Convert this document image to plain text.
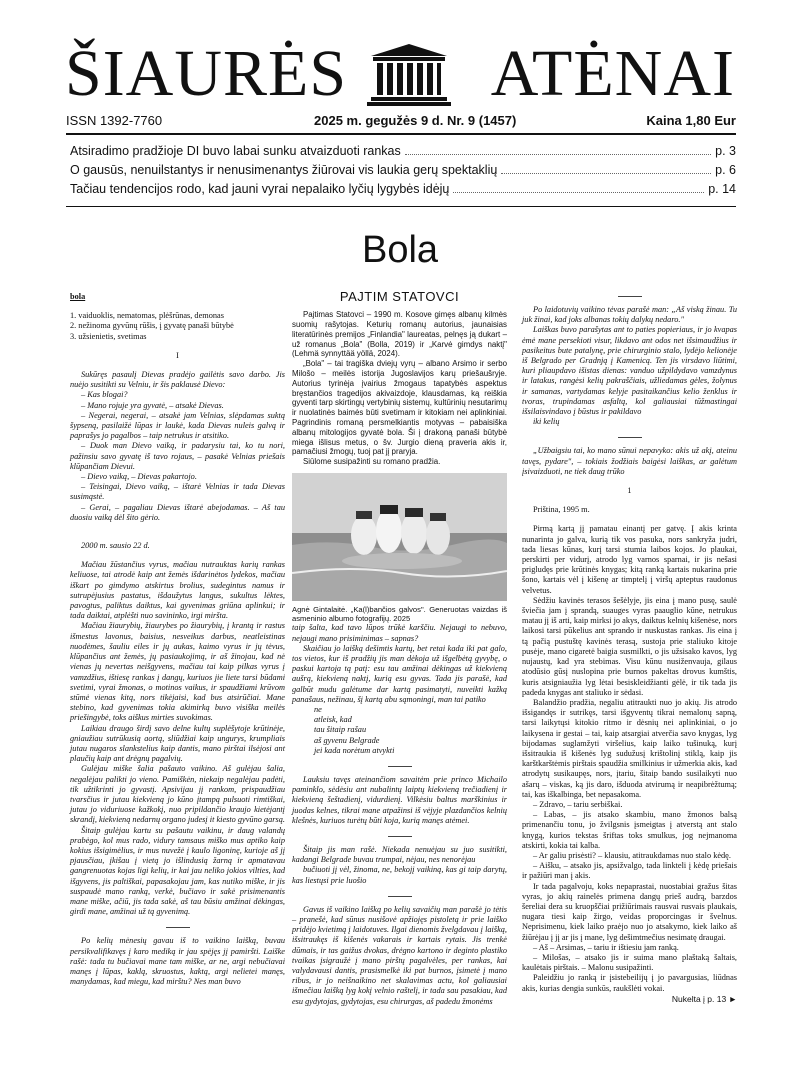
ŠIAURĖS ATĖNAI
ISSN 1392-7760	2025 m. gegužės 9 d. Nr. 9 (1457)	Kaina 1,80 Eur
Atsiradimo pradžioje DI buvo labai sunku atvaizduoti rankas	p. 3
O gausūs, nenuilstantys ir nenusimenantys žiūrovai vis laukia gerų spektaklių	p. 6
Tačiau tendencijos rodo, kad jauni vyrai nepalaiko lyčių lygybės idėjų	p. 14
Bola

bola

1. vaiduoklis, nematomas, plėšrūnas, demonas

2. nežinoma gyvūnų rūšis, į gyvatę panaši būtybė

3. užsienietis, svetimas

I

Sukūręs pasaulį Dievas pradėjo gailėtis savo darbo. Jis nuėjo susitikti su Velniu, ir šis paklausė Dievo:

– Kas blogai?

– Mano rojuje yra gyvatė, – atsakė Dievas.

– Negerai, negerai, – atsakė jam Velnias, slėpdamas suktą šypseną, pasilaižė lūpas ir laukė, kada Dievas nuleis galvą ir paprašys jo pagalbos – taip netrukus ir atsitiko.

– Duok man Dievo vaiką, ir padarysiu tai, ko tu nori, pažinsiu savo gyvatę iš tavo rojaus, – pasakė Velnias priešais klūpančiam Dievui.

– Dievo vaiką, – Dievas pakartojo.

– Teisingai, Dievo vaiką, – ištarė Velnias ir tada Dievas susimąstė.

– Gerai, – pagaliau Dievas ištarė abejodamas. – Aš tau duosiu vaiką dėl šito gėrio.

2000 m. sausio 22 d.

Mačiau žūstančius vyrus, mačiau nutrauktas karių rankas keliuose, tai atrodė kaip ant žemės išdarinėtos lydekos, mačiau iškart po gimdymo atskirtus brolius, sudegintus namus ir sutrupėjusius pastatus, išdaužytus langus, sukultus lėktes, pavogtus, paliktus daiktus, kai gyvenimas griūna aplinkui; ir tada daiktai, atplėšti nuo savininko, irgi miršta.

Mačiau žiaurybių, žiaurybes po žiaurybių, į krantą ir rastus išmestus lavonus, baisius, nesveikus darbus, neatleistinas nuodėmes, šauliu eiles ir jų aukas, kaimo vyrus ir jų tėvus, klūpančius ant žemės, jų pasiaukojimą, ir aš žinojau, kad nė vienas jų nevertas neišgyvens, mačiau tai kaip pilkas vyrus į vamzdžius, ištiesę rankas į dangų, kuriuos jie liete tarsi būdami svetimi, vyrai žmonas, o motinos vaikus, ir spaudžiami krūvom stūmė vienas kitą, nors tikėjaisi, kad bus atsirūčiai. Mane stebino, kad gyvenimas tokia akimirką buvo visiška meilės priešingybė, toks aiškus mirties suvokimas.

Laikiau draugo širdį savo delne kultų suplėšytoje krūtinėje, gniaužiau sutrūkusią aortą, sliūdžiai kaip ungurys, krumpliais jutau nugaros slankstelius kaip dantis, mano pirštai ilsėjosi ant plaučių kaip ant drėgnų pagalvių.

Gulėjau miške šalia pašauto vaikino. Aš gulėjau šalia, negalėjau palikti jo vieno. Pamiškėn, niekaip negalėjau padėti, tik užtikrinti jo gyvastį. Apsivijau jį rankom, prispaudžiau tvarsčius ir jutau kiekvieną jo kūno įtampą pulsuoti rimtiškai, jutau jo viduriuose kažkokį, nuo pripildančio kraujo kietėjantį skrandį, kiekvieną nedarnų organo judesį it kiesto gyvūno garsą.

Šitaip gulėjau kartu su pašautu vaikinu, ir daug valandų prabėgo, kol mus rado, vidury tamsaus miško mus aptiko kaip kokius išsigimėlius, ir mus nuvežė į kaulo ligoninę, kurioje aš jį pjausčiau, įkišau į vietą jo išlindusią žarną ir apmatavau gangrenuotas kojas ligi kelių, ir kai jau neliko jokios vilties, kad išgyvens, jis paltiškai, papasakojau jam, kas nutiko miške, ir jis suspaudė mano ranką, verkė, bučiavo ir sakė prisimenantis mane miške, ačiū, jis tada sakė, aš tau būsiu amžinai dėkingas, girdi mane, amžinai už tą gyvenimą.

Po kelių mėnesių gavau iš to vaikino laišką, buvau persikvalifikavęs į karo mediką ir jau spėjęs jį pamiršti. Laiške rašė: tada tu bučiavai mane tam miške, ar ne, argi nebučiavai manęs į lūpas, kaklą, skruostus, kaktą, argi nelietei manęs, manydamas, kad miegu, kad mirštu? Nes man buvo

PAJTIM STATOVCI

Pajtimas Statovci – 1990 m. Kosove gimęs albanų kilmės suomių rašytojas. Keturių romanų autorius, jaunaisias literatūrinės premijos „Finlandia" laureatas, pelnęs ją dukart – už romanus „Bola" (Bolla, 2019) ir „Karvė gimdys naktį" (Lehmä synnyttää yöllä, 2024).

„Bola" – tai tragiška dviejų vyrų – albano Arsimo ir serbo Milošo – meilės istorija Jugoslavijos karų priešaušryje. Autorius tyrinėja įvairius žmogaus tapatybės aspektus bręstančios tragedijos akivaizdoje, klausdamas, ką reiškia gyventi tarp skirtingų vertybinių sistemų, kultūrinių nesutarimų ir nuolatinės baimės būti svetimam ir kitokiam nei aplinkiniai. Pagrindinis romaną persmelkiantis motyvas – pabaisiška albanų mitologijos gyvatė bola. Ši į drakoną panaši būtybė miega išlisus metus, o šv. Jurgio dieną praveria akis ir, pamačiusi žmogų, tuoj pat jį praryja.

Siūlome susipažinti su romano pradžia.

Agnė Gintalaitė. „Ka(l)bančios galvos". Generuotas vaizdas iš asmeninio albumo fotografijų. 2025

taip šalta, kad tavo lūpos trūkė karščiu. Nejaugi to nebuvo, nejaugi mano prisiminimas – sapnas?

Skaičiau jo laišką dešimtis kartų, bet retai kada iki pat galo, tos vietos, kur iš pradžių jis man dėkoja už išgelbėtą gyvybę, o paskui kartoja tą patį: esu tau amžinai dėkingas už kiekvieną aušrą, kiekvieną naktį, kurią esu gyvas. Tada jis parašė, kad galbūt mudu galėtume dar kartą pasimatyti, nuveikti kažką panašaus, nežinau, šį kartą abu sąmoningi, man tai patiko

ne

atleisk, kad

tau šitaip rašau

aš gyvenu Belgrade

jei kada norėtum atvykti

Lauksiu tavęs ateinančiom savaitėm prie princo Michailo paminklo, sėdėsiu ant nubalintų laiptų kiekvieną trečiadienį ir kiekvieną šeštadienį, vidurdienį. Vilkėsiu baltus marškinius ir juodas kelnes, tikrai mane atpažinsi iš vėjyje plazdančios kelnių klešnės, kuriuos turėtų būti koja, kurią manęs atėmei.

Šitaip jis man rašė. Niekada nenuėjau su juo susitikti, kadangi Belgrade buvau trumpai, nėjau, nes nenorėjau

bučiuoti jį vėl, žinoma, ne, bekojį vaikiną, kas gi taip darytų, kas liestųsi prie luošio

Gavus iš vaikino laišką po kelių savaičių man parašė jo tėtis – pranešė, kad sūnus nusišovė apžiojęs pistoletą ir prie laiško pridėjo kvietimą į laidotuves. Ilgai dienomis žvelgdavau į laišką, išsitraukęs iš kišenės vakarais ir kartais rytais. Jis trenkė dūmais, ir tas gaižus dvokas, drėgno kartono ir deginto plastiko tvaikas įsigraužė į mano pirštų pagalvėles, per rankas, kai valydavausi dantis, prasismelkė iki pat burnos, įsimetė į mano ribus, ir jo neišnaikino net skalavimas actu, kol galiausiai išmečiau laišką lyg kokį velnio raštelį, ir tada sau pasakiau, kad esu gydytojas, gydytojas, esu chirurgas, aš padedu žmonėms

Po laidotuvių vaikino tėvas parašė man: „Aš viską žinau. Tu juk žinai, kad joks albanas tokių dalykų nedaro."

Laiškas buvo parašytas ant to paties popieriaus, ir jo kvapas ėmė mane persekioti visur, likdavo ant odos net išsimaudžius ir pasikeitus bute patalynę, prie chirurginio stalo, lydėjo kelionėje iš Belgrado per Gradnją į Kamenicą. Ten jis virsdavo liūtimi, kuri pliaupdavo išistas dienas: vanduo užpildydavo vamzdynus ir latakus, rangėsi kelių pakraščiais, užliedamas gėles, žolynus ir samanas, vartydamas kelyje pasitaikančius kelio ženklus ir tvoras, trupindamas asfaltą, kol galiausiai tūžmastingai išsilaisvindavo į būstus ir pakildavo

iki kelių

„Užbaigsiu tai, ko mano sūnui nepavyko: akis už akį, ateinu tavęs, pydare", – tokiais žodžiais baigėsi laiškas, ar galėtum įsivaizduoti, ne tiek daug trūko

1

Priština, 1995 m.

Pirmą kartą jį pamatau einantį per gatvę. Į akis krinta nunarinta jo galva, kurią tik vos pasuka, nors sankryža judri, tada liesas kūnas, kurį tarsi stumia laibos kojos. Jo plaukai, perskirti per vidurį, atrodo lyg varnos sparnai, ir jis nešasi prigludęs prie krūtinės knygas; kitą ranką kartais nukarina prie šono, kartais vėl į kišenę ar timptelį į viršų apteptus raudonus velvetus.

Sėdžiu kavinės terasos šešėlyje, jis eina į mano pusę, saulė šviečia jam į sprandą, suauges vyras paauglio kūne, netrukus matau jį iš arti, kaip mirksi jo akys, daiktus kelnių kišenėse, nors laikosi tarsi pūkelius ant sprando ir nuskustas rankas. Jis eina į tą pačią pustuštę kavinės terasą, sustoja prie staliuko kitoje pusėje, mano cigaretė baigia susmilkti, o jis užsisako kavos, lyg nujaustų, kad yra stebimas. Visu kūnu nusiženvauja, gilaus atodūsio gūsį nuslopina prie burnos pakeltas drovus kumštis, kuris atsigniaužia lyg lėtai besiskleidžianti gėlė, ir tik tada jis padeda knygas ant staliuko ir sėdasi.

Balandžio pradžia, negaliu atitraukti nuo jo akių. Jis atrodo išsigandęs ir sutrikęs, tarsi išgyventų tikrai nemalonų sapną, tarsi laikytųsi kitokio ritmo ir dėsnių nei aplinkiniai, o jo laikysena ir gestai – tai, kaip atsargiai atverčia savo knygas, lyg bijodamas suglamžyti viršelius, kaip laiko tušinuką, kurį išsitraukia iš kišenės lyg sudužusį krištolinį stiklą, kaip jis karštkarštėmis pirštais spaudžia smilkinius ir užmerkia akis, kad atrodytų susikaupęs, nors, įtariu, šitaip bando susilaikyti nuo ašarų – viskas, ką jis daro, išduoda atvirumą ir neapibrėžtumą; tai, kas iškalbinga, bet nepasakoma.

– Zdravo, – tariu serbiškai.

– Labas, – jis atsako skambiu, mano žmonos balsą primenančiu tonu, jo žvilgsnis įsmeigtas į atverstą ant stalo knygą, kurios tekstas šriftas toks smulkus, jog nejmanoma atskirti, kokia tai kalba.

– Ar galiu prisėsti? – klausiu, atitraukdamas nuo stalo kėdę.

– Aišku, – atsako jis, apsižvalgo, tada linkteli į kėdę priešais ir pažiūri man į akis.

Ir tada pagalvoju, koks nepaprastai, nuostabiai gražus šitas vyras, jo akių rainelės primena dangų prieš audrą, barzdos šereliai dera su kruopščiai prižiūrimais rausvai rusvais plaukais, nugara tiesi kaip žirgo, veidas proporcingas ir švelnus. Neprisimenu, kiek laiko praėjo nuo jo atsakymo, kiek laiko aš žiūrėjau į jį ar jis į mane, lyg dešimtmečius nesimatę draugai.

– Aš – Arsimas, – tariu ir ištiesiu jam ranką.

– Milošas, – atsako jis ir suima mano plaštaką šaltais, kaulėtais pirštais. – Malonu susipažinti.

Paleidžiu jo ranką ir įsistebeilijų į jo pavargusias, liūdnas akis, kurias dengia sunkūs, raukšlėti vokai.

Nukelta į p. 13 ►
